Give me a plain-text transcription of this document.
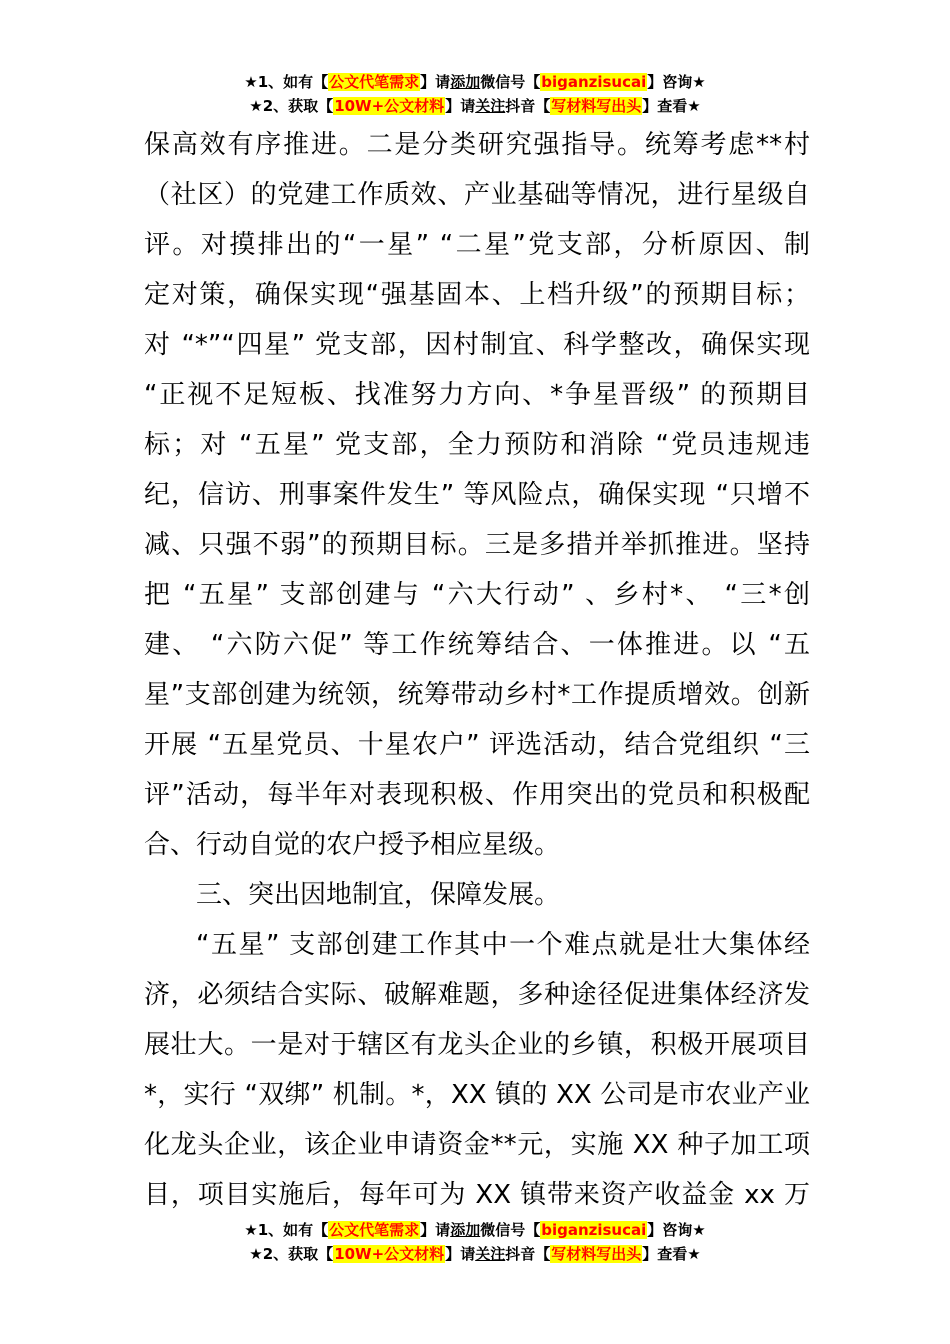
★1、如有【公文代笔需求】请添加微信号【biganzisucai】咨询★
★2、获取【10W+公文材料】请关注抖音【写材料写出头】查看★
保高效有序推进。二是分类研究强指导。统筹考虑**村
（社区）的党建工作质效、产业基础等情况，进行星级自
评。对摸排出的“一星” “二星”党支部，分析原因、制
定对策，确保实现“强基固本、上档升级”的预期目标；
对 “*”“四星” 党支部，因村制宜、科学整改，确保实现
“正视不足短板、找准努力方向、*争星晋级” 的预期目
标；对 “五星” 党支部，全力预防和消除 “党员违规违
纪，信访、刑事案件发生” 等风险点，确保实现 “只增不
减、只强不弱”的预期目标。三是多措并举抓推进。坚持
把 “五星” 支部创建与 “六大行动” 、乡村*、 “三*创
建、 “六防六促” 等工作统筹结合、一体推进。以 “五
星”支部创建为统领，统筹带动乡村*工作提质增效。创新
开展 “五星党员、十星农户” 评选活动，结合党组织 “三
评”活动，每半年对表现积极、作用突出的党员和积极配
合、行动自觉的农户授予相应星级。
三、突出因地制宜，保障发展。
“五星” 支部创建工作其中一个难点就是壮大集体经
济，必须结合实际、破解难题，多种途径促进集体经济发
展壮大。一是对于辖区有龙头企业的乡镇，积极开展项目
*，实行 “双绑” 机制。*，XX 镇的 XX 公司是市农业产业
化龙头企业，该企业申请资金**元，实施 XX 种子加工项
目，项目实施后，每年可为 XX 镇带来资产收益金 xx 万
★1、如有【公文代笔需求】请添加微信号【biganzisucai】咨询★
★2、获取【10W+公文材料】请关注抖音【写材料写出头】查看★
